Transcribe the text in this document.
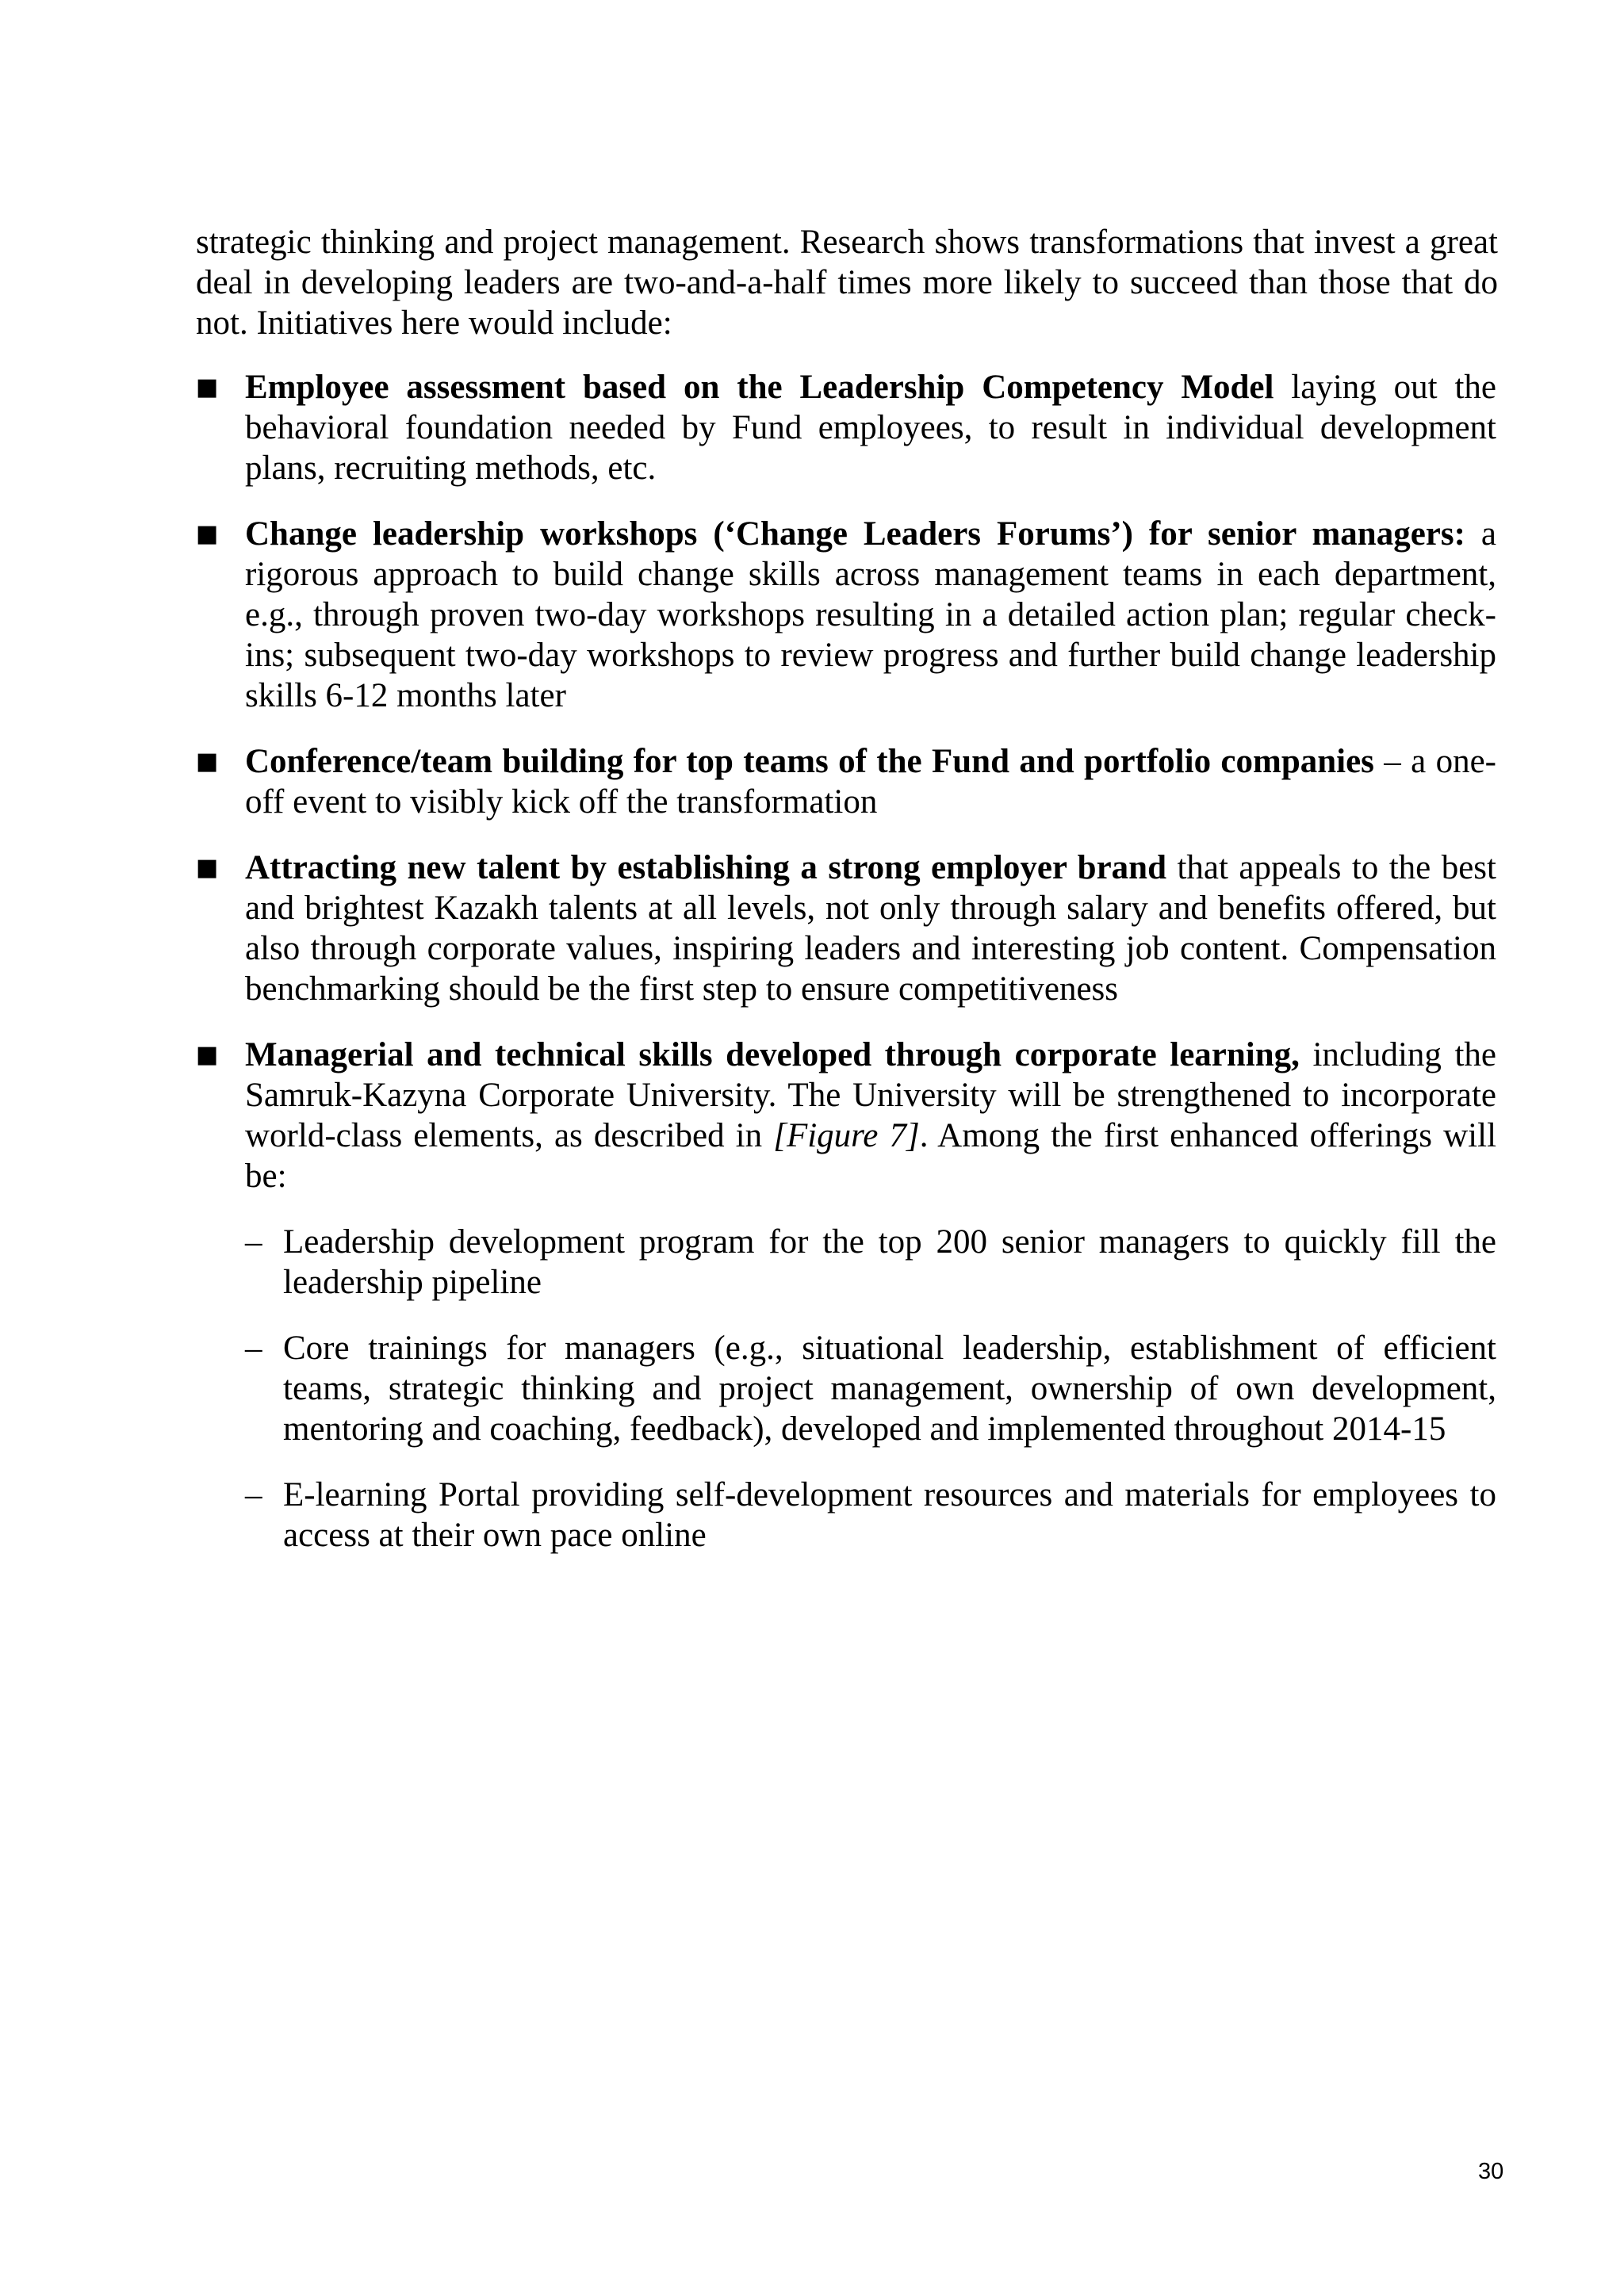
strategic thinking and project management. Research shows transformations that invest a great deal in developing leaders are two-and-a-half times more likely to succeed than those that do not. Initiatives here would include:

■ Employee assessment based on the Leadership Competency Model laying out the behavioral foundation needed by Fund employees, to result in individual development plans, recruiting methods, etc.
■ Change leadership workshops (‘Change Leaders Forums’) for senior managers: a rigorous approach to build change skills across management teams in each department, e.g., through proven two-day workshops resulting in a detailed action plan; regular check-ins; subsequent two-day workshops to review progress and further build change leadership skills 6-12 months later
■ Conference/team building for top teams of the Fund and portfolio companies – a one-off event to visibly kick off the transformation
■ Attracting new talent by establishing a strong employer brand that appeals to the best and brightest Kazakh talents at all levels, not only through salary and benefits offered, but also through corporate values, inspiring leaders and interesting job content. Compensation benchmarking should be the first step to ensure competitiveness
■ Managerial and technical skills developed through corporate learning, including the Samruk-Kazyna Corporate University. The University will be strengthened to incorporate world-class elements, as described in [Figure 7]. Among the first enhanced offerings will be:
– Leadership development program for the top 200 senior managers to quickly fill the leadership pipeline
– Core trainings for managers (e.g., situational leadership, establishment of efficient teams, strategic thinking and project management, ownership of own development, mentoring and coaching, feedback), developed and implemented throughout 2014-15
– E-learning Portal providing self-development resources and materials for employees to access at their own pace online
30
